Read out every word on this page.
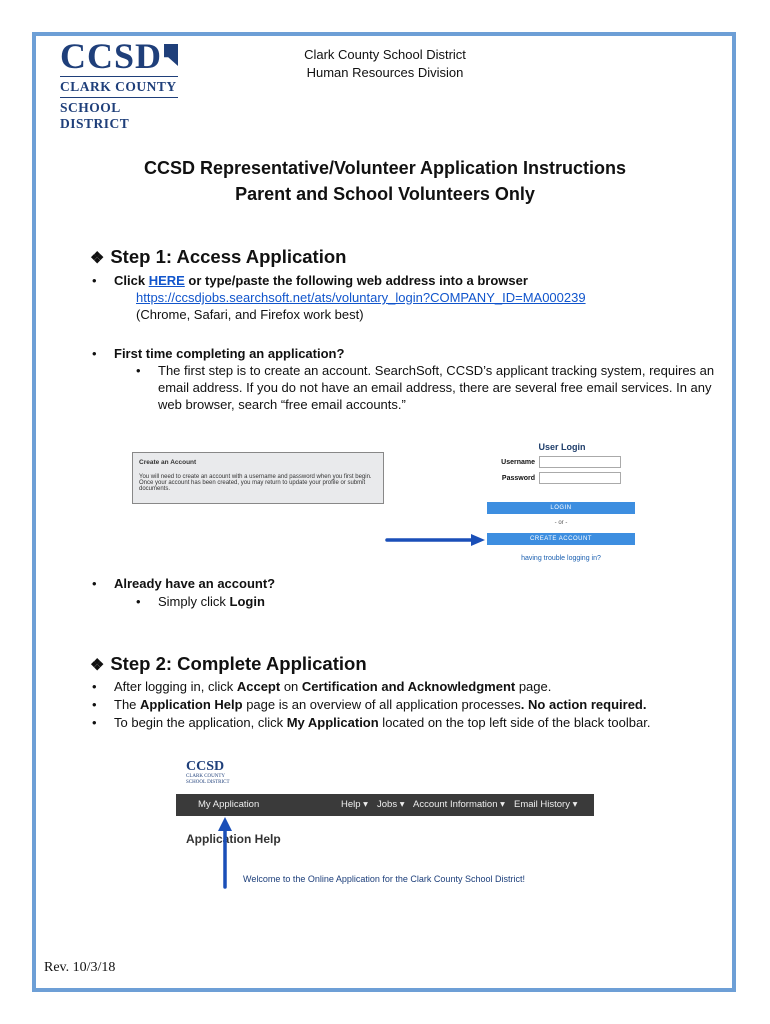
CCSD
CLARK COUNTY
SCHOOL DISTRICT
Clark County School District
Human Resources Division
CCSD Representative/Volunteer Application Instructions
Parent and School Volunteers Only
❖ Step 1: Access Application
• Click HERE or type/paste the following web address into a browser
https://ccsdjobs.searchsoft.net/ats/voluntary_login?COMPANY_ID=MA000239
(Chrome, Safari, and Firefox work best)
• First time completing an application?
• The first step is to create an account. SearchSoft, CCSD’s applicant tracking system, requires an email address. If you do not have an email address, there are several free email services. In any web browser, search “free email accounts.”
Create an Account
You will need to create an account with a username and password when you first begin. Once your account has been created, you may return to update your profile or submit documents.
User Login
Username
Password
LOGIN
- or -
CREATE ACCOUNT
having trouble logging in?
• Already have an account?
• Simply click Login
❖ Step 2: Complete Application
• After logging in, click Accept on Certification and Acknowledgment page.
• The Application Help page is an overview of all application processes. No action required.
• To begin the application, click My Application located on the top left side of the black toolbar.
CCSD
CLARK COUNTY
SCHOOL DISTRICT
My Application	Help ▾ Jobs ▾ Account Information ▾ Email History ▾
Application Help
Welcome to the Online Application for the Clark County School District!
Rev. 10/3/18
